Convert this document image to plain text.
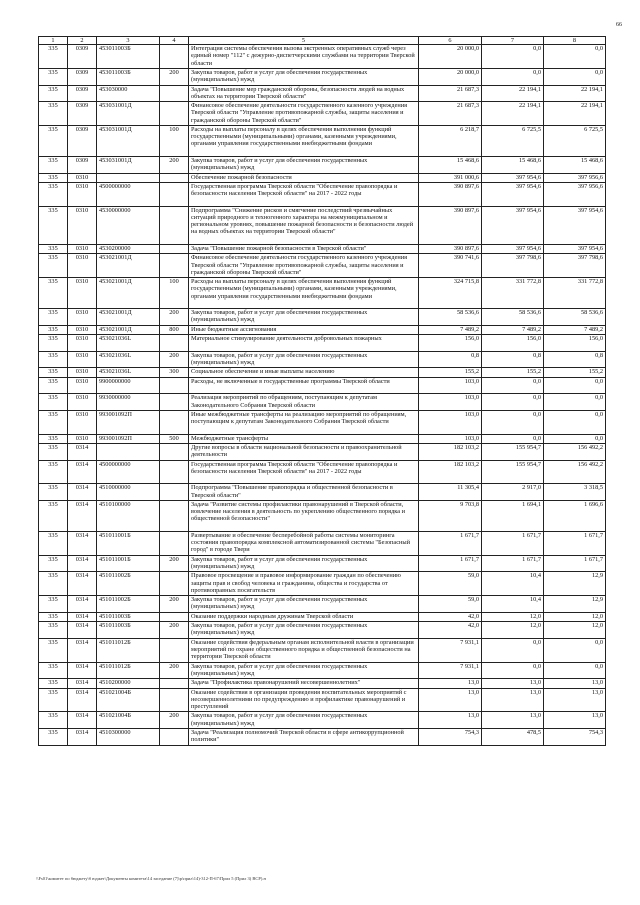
66
1	2	3	4	5	6	7	8
335	0309	453011003Б		Интеграция системы обеспечения вызова экстренных оперативных служб через единый номер "112" с дежурно-диспетчерскими службами на территории Тверской области	20 000,0	0,0	0,0
335	0309	453011003Б	200	Закупка товаров, работ и услуг для обеспечения государственных (муниципальных) нужд	20 000,0	0,0	0,0
335	0309	453030000		Задача "Повышение мер гражданской обороны, безопасности людей на водных объектах на территории Тверской области"	21 687,3	22 194,1	22 194,1
335	0309	453031001Д		Финансовое обеспечение деятельности государственного казенного учреждения Тверской области "Управление противопожарной службы, защиты населения и гражданской обороны Тверской области"	21 687,3	22 194,1	22 194,1
335	0309	453031001Д	100	Расходы на выплаты персоналу в целях обеспечения выполнения функций государственными (муниципальными) органами, казенными учреждениями, органами управления государственными внебюджетными фондами	6 218,7	6 725,5	6 725,5
335	0309	453031001Д	200	Закупка товаров, работ и услуг для обеспечения государственных (муниципальных) нужд	15 468,6	15 468,6	15 468,6
335	0310			Обеспечение пожарной безопасности	391 000,6	397 954,6	397 956,6
335	0310	4500000000		Государственная программа Тверской области "Обеспечение правопорядка и безопасности населения Тверской области" на 2017 - 2022 годы	390 897,6	397 954,6	397 956,6
335	0310	4530000000		Подпрограмма "Снижение рисков и смягчение последствий чрезвычайных ситуаций природного и техногенного характера на межмуниципальном и региональном уровнях, повышение пожарной безопасности и безопасности людей на водных объектах на территории Тверской области"	390 897,6	397 954,6	397 954,6
335	0310	4530200000		Задача "Повышение пожарной безопасности в Тверской области"	390 897,6	397 954,6	397 954,6
335	0310	453021001Д		Финансовое обеспечение деятельности государственного казенного учреждения Тверской области "Управление противопожарной службы, защиты населения и гражданской обороны Тверской области"	390 741,6	397 798,6	397 798,6
335	0310	453021001Д	100	Расходы на выплаты персоналу в целях обеспечения выполнения функций государственными (муниципальными) органами, казенными учреждениями, органами управления государственными внебюджетными фондами	324 715,8	331 772,8	331 772,8
335	0310	453021001Д	200	Закупка товаров, работ и услуг для обеспечения государственных (муниципальных) нужд	58 536,6	58 536,6	58 536,6
335	0310	453021001Д	800	Иные бюджетные ассигнования	7 489,2	7 489,2	7 489,2
335	0310	453021036L		Материальное стимулирование деятельности добровольных пожарных	156,0	156,0	156,0
335	0310	453021036L	200	Закупка товаров, работ и услуг для обеспечения государственных (муниципальных) нужд	0,8	0,8	0,8
335	0310	453021036L	300	Социальное обеспечение и иные выплаты населению	155,2	155,2	155,2
335	0310	9900000000		Расходы, не включенные в государственные программы Тверской области	103,0	0,0	0,0
335	0310	9930000000		Реализация мероприятий по обращениям, поступающим к депутатам Законодательного Собрания Тверской области	103,0	0,0	0,0
335	0310	993001092П		Иные межбюджетные трансферты на реализацию мероприятий по обращениям, поступающим к депутатам Законодательного Собрания Тверской области	103,0	0,0	0,0
335	0310	993001092П	500	Межбюджетные трансферты	103,0	0,0	0,0
335	0314			Другие вопросы в области национальной безопасности и правоохранительной деятельности	182 103,2	155 954,7	156 492,2
335	0314	4500000000		Государственная программа Тверской области "Обеспечение правопорядка и безопасности населения Тверской области" на 2017 - 2022 годы	182 103,2	155 954,7	156 492,2
335	0314	4510000000		Подпрограмма "Повышение правопорядка и общественной безопасности в Тверской области"	11 305,4	2 917,0	3 318,5
335	0314	4510100000		Задача "Развитие системы профилактики правонарушений в Тверской области, вовлечение населения в деятельность по укреплению общественного порядка и общественной безопасности"	9 703,8	1 694,1	1 696,6
335	0314	451011001Б		Развертывание и обеспечение бесперебойной работы системы мониторинга состояния правопорядка комплексной автоматизированной системы "Безопасный город" в городе Твери	1 671,7	1 671,7	1 671,7
335	0314	451011001Б	200	Закупка товаров, работ и услуг для обеспечения государственных (муниципальных) нужд	1 671,7	1 671,7	1 671,7
335	0314	451011002Б		Правовое просвещение и правовое информирование граждан по обеспечению защиты прав и свобод человека и гражданина, общества и государства от противоправных посягательств	59,0	10,4	12,9
335	0314	451011002Б	200	Закупка товаров, работ и услуг для обеспечения государственных (муниципальных) нужд	59,0	10,4	12,9
335	0314	451011003Б		Оказание поддержки народным дружинам Тверской области	42,0	12,0	12,0
335	0314	451011003Б	200	Закупка товаров, работ и услуг для обеспечения государственных (муниципальных) нужд	42,0	12,0	12,0
335	0314	451011012Б		Оказание содействия федеральным органам исполнительной власти в организации мероприятий по охране общественного порядка и общественной безопасности на территории Тверской области	7 931,1	0,0	0,0
335	0314	451011012Б	200	Закупка товаров, работ и услуг для обеспечения государственных (муниципальных) нужд	7 931,1	0,0	0,0
335	0314	4510200000		Задача "Профилактика правонарушений несовершеннолетних"	13,0	13,0	13,0
335	0314	451021004Б		Оказание содействия в организации проведения воспитательных мероприятий с несовершеннолетними по предупреждению и профилактике правонарушений и преступлений	13,0	13,0	13,0
335	0314	451021004Б	200	Закупка товаров, работ и услуг для обеспечения государственных (муниципальных) нужд	13,0	13,0	13,0
335	0314	4510300000		Задача "Реализация полномочий Тверской области в сфере антикоррупционной политики"	754,3	478,5	754,3
\\Fs01\комитет по бюджету\б юджет\Документы комитета\14 заседание (7)\р\прил\14)-312-П-67\Прил 5 (Прил 3) ВСР).н
